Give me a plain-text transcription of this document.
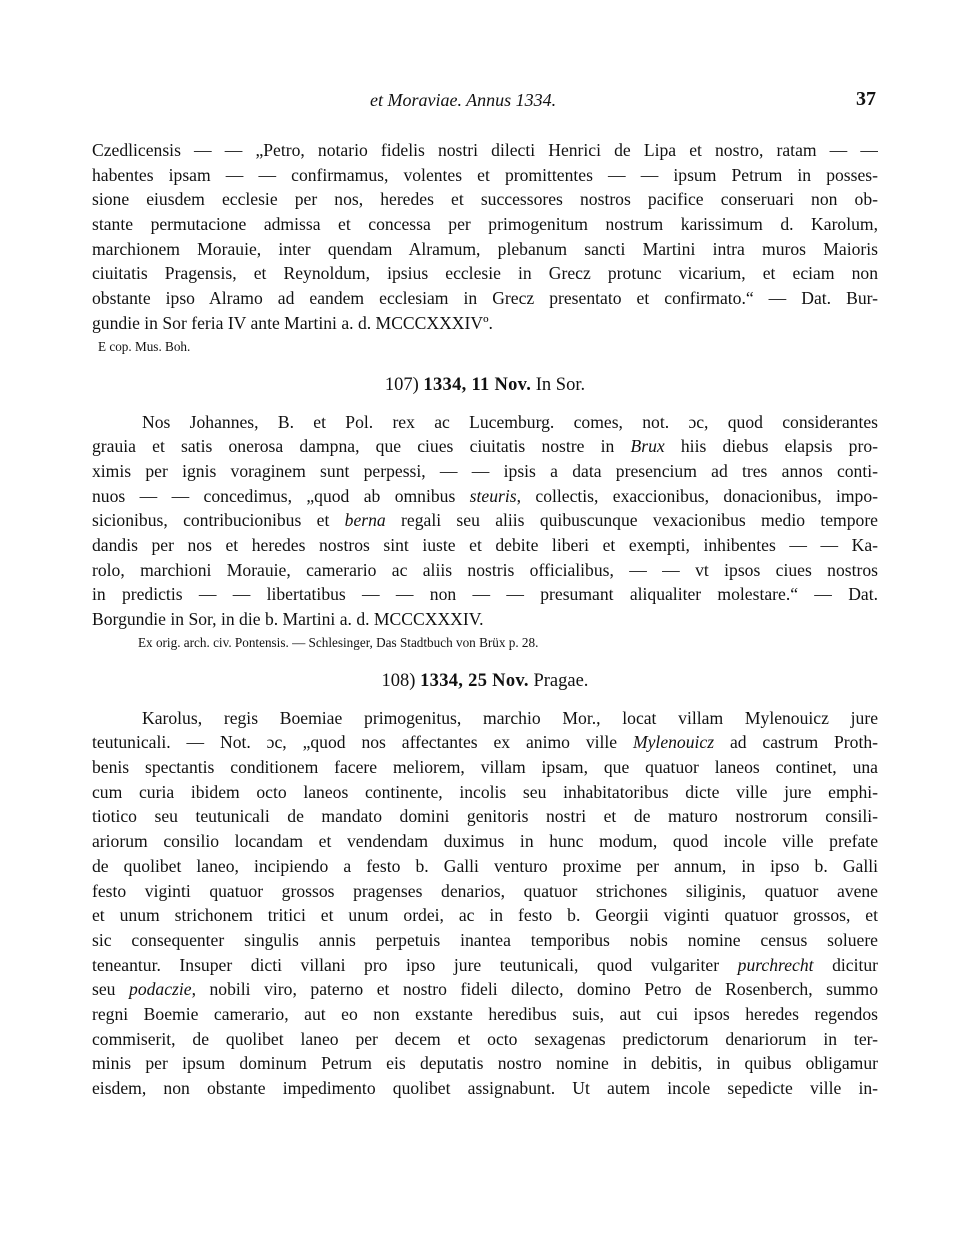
et Moraviae. Annus 1334.	37
Czedlicensis — — „Petro, notario fidelis nostri dilecti Henrici de Lipa et nostro, ratam — —
habentes ipsam — — confirmamus, volentes et promittentes — — ipsum Petrum in posses-
sione eiusdem ecclesie per nos, heredes et successores nostros pacifice conseruari non ob-
stante permutacione admissa et concessa per primogenitum nostrum karissimum d. Karolum,
marchionem Morauie, inter quendam Alramum, plebanum sancti Martini intra muros Maioris
ciuitatis Pragensis, et Reynoldum, ipsius ecclesie in Grecz protunc vicarium, et eciam non
obstante ipso Alramo ad eandem ecclesiam in Grecz presentato et confirmato.“ — Dat. Bur-
gundie in Sor feria IV ante Martini a. d. MCCCXXXIVº.
E cop. Mus. Boh.
107) 1334, 11 Nov. In Sor.
Nos Johannes, B. et Pol. rex ac Lucemburg. comes, not. ɔc, quod considerantes
grauia et satis onerosa dampna, que ciues ciuitatis nostre in Brux hiis diebus elapsis pro-
ximis per ignis voraginem sunt perpessi, — — ipsis a data presencium ad tres annos conti-
nuos — — concedimus, „quod ab omnibus steuris, collectis, exaccionibus, donacionibus, impo-
sicionibus, contribucionibus et berna regali seu aliis quibuscunque vexacionibus medio tempore
dandis per nos et heredes nostros sint iuste et debite liberi et exempti, inhibentes — — Ka-
rolo, marchioni Morauie, camerario ac aliis nostris officialibus, — — vt ipsos ciues nostros
in predictis — — libertatibus — — non — — presumant aliqualiter molestare.“ — Dat.
Borgundie in Sor, in die b. Martini a. d. MCCCXXXIV.
Ex orig. arch. civ. Pontensis. — Schlesinger, Das Stadtbuch von Brüx p. 28.
108) 1334, 25 Nov. Pragae.
Karolus, regis Boemiae primogenitus, marchio Mor., locat villam Mylenouicz jure
teutunicali. — Not. ɔc, „quod nos affectantes ex animo ville Mylenouicz ad castrum Proth-
benis spectantis conditionem facere meliorem, villam ipsam, que quatuor laneos continet, una
cum curia ibidem octo laneos continente, incolis seu inhabitatoribus dicte ville jure emphi-
tiotico seu teutunicali de mandato domini genitoris nostri et de maturo nostrorum consili-
ariorum consilio locandam et vendendam duximus in hunc modum, quod incole ville prefate
de quolibet laneo, incipiendo a festo b. Galli venturo proxime per annum, in ipso b. Galli
festo viginti quatuor grossos pragenses denarios, quatuor strichones siliginis, quatuor avene
et unum strichonem tritici et unum ordei, ac in festo b. Georgii viginti quatuor grossos, et
sic consequenter singulis annis perpetuis inantea temporibus nobis nomine census soluere
teneantur. Insuper dicti villani pro ipso jure teutunicali, quod vulgariter purchrecht dicitur
seu podaczie, nobili viro, paterno et nostro fideli dilecto, domino Petro de Rosenberch, summo
regni Boemie camerario, aut eo non exstante heredibus suis, aut cui ipsos heredes regendos
commiserit, de quolibet laneo per decem et octo sexagenas predictorum denariorum in ter-
minis per ipsum dominum Petrum eis deputatis nostro nomine in debitis, in quibus obligamur
eisdem, non obstante impedimento quolibet assignabunt. Ut autem incole sepedicte ville in-
